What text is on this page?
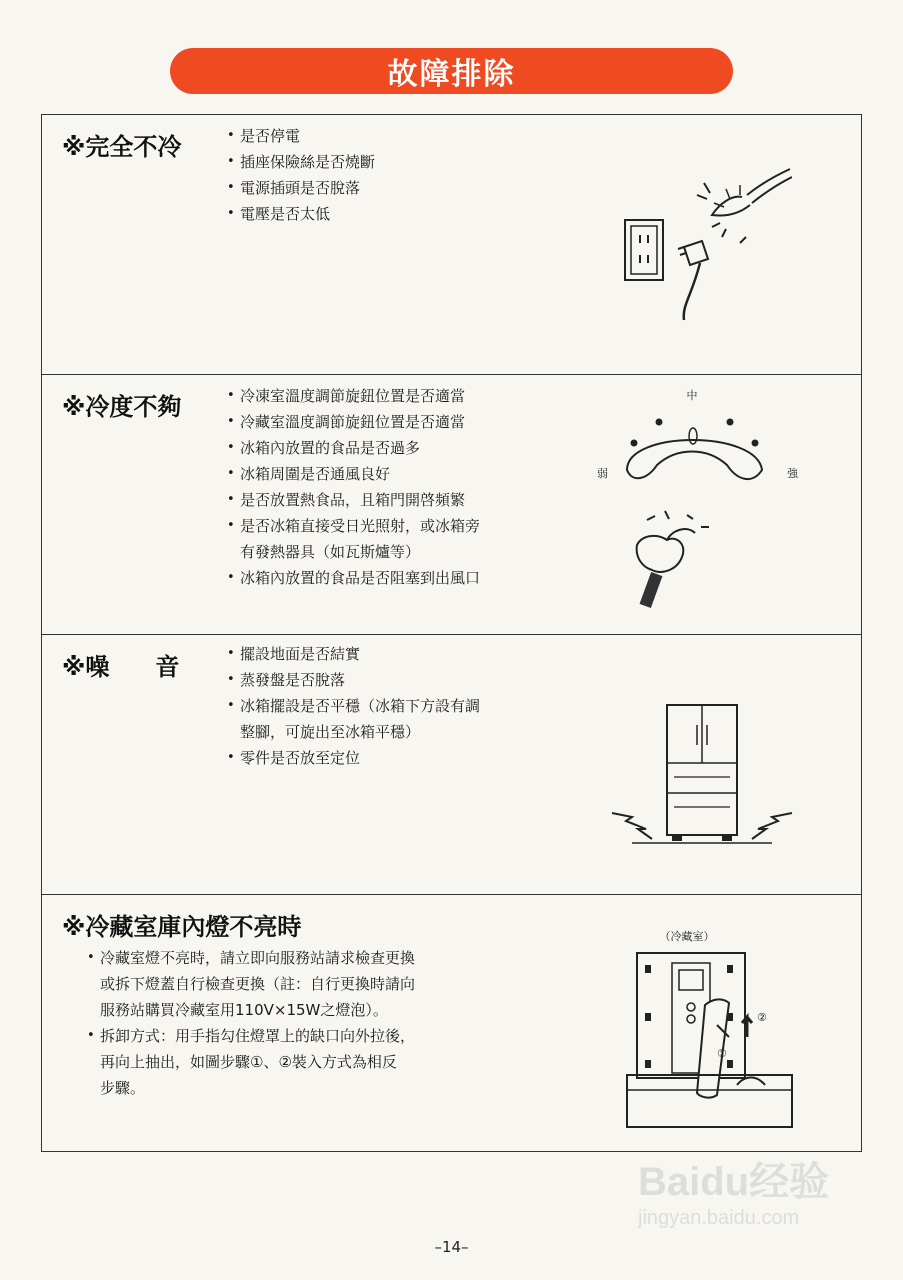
故障排除
※完全不冷	• 是否停電
• 插座保險絲是否燒斷
• 電源插頭是否脫落
• 電壓是否太低
※冷度不夠	• 冷凍室溫度調節旋鈕位置是否適當
• 冷藏室溫度調節旋鈕位置是否適當
• 冰箱內放置的食品是否過多
• 冰箱周圍是否通風良好
• 是否放置熱食品，且箱門開啓頻繁
• 是否冰箱直接受日光照射，或冰箱旁
有發熱器具（如瓦斯爐等）
• 冰箱內放置的食品是否阻塞到出風口
中
弱	強
※噪 音	• 擺設地面是否結實
• 蒸發盤是否脫落
• 冰箱擺設是否平穩（冰箱下方設有調
整腳，可旋出至冰箱平穩）
• 零件是否放至定位
※冷藏室庫內燈不亮時
• 冷藏室燈不亮時，請立即向服務站請求檢查更換
或拆下燈蓋自行檢查更換（註：自行更換時請向
服務站購買冷藏室用110V×15W之燈泡）。
• 拆卸方式：用手指勾住燈罩上的缺口向外拉後，
再向上抽出，如圖步驟①、②裝入方式為相反
步驟。
（冷藏室）
①
②
Baidu经验
jingyan.baidu.com
–14–
